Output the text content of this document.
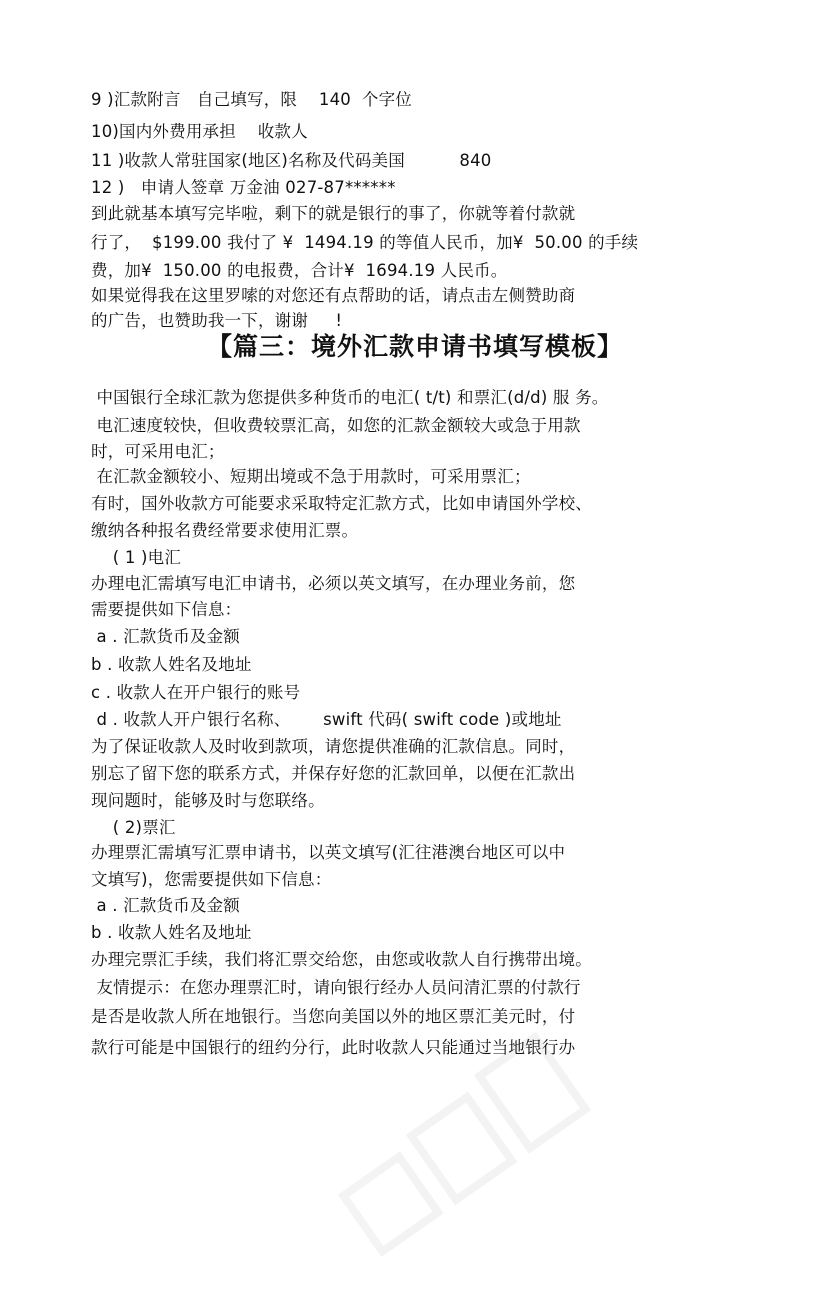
9 )汇款附言   自己填写，限    140  个字位
10)国内外费用承担    收款人
11 )收款人常驻国家(地区)名称及代码美国          840
12 )   申请人签章 万金油 027-87******
到此就基本填写完毕啦，剩下的就是银行的事了，你就等着付款就
行了，  $199.00 我付了 ¥  1494.19 的等值人民币，加¥  50.00 的手续
费，加¥  150.00 的电报费，合计¥  1694.19 人民币。
如果觉得我在这里罗嗦的对您还有点帮助的话，请点击左侧赞助商
的广告，也赞助我一下，谢谢     !
【篇三：境外汇款申请书填写模板】
中国银行全球汇款为您提供多种货币的电汇( t/t) 和票汇(d/d) 服 务。
电汇速度较快，但收费较票汇高，如您的汇款金额较大或急于用款
时，可采用电汇；
在汇款金额较小、短期出境或不急于用款时，可采用票汇；
有时，国外收款方可能要求采取特定汇款方式，比如申请国外学校、
缴纳各种报名费经常要求使用汇票。
( 1 )电汇
办理电汇需填写电汇申请书，必须以英文填写，在办理业务前，您
需要提供如下信息：
a . 汇款货币及金额
b . 收款人姓名及地址
c . 收款人在开户银行的账号
d . 收款人开户银行名称、      swift 代码( swift code )或地址
为了保证收款人及时收到款项，请您提供准确的汇款信息。同时，
别忘了留下您的联系方式，并保存好您的汇款回单，以便在汇款出
现问题时，能够及时与您联络。
( 2)票汇
办理票汇需填写汇票申请书，以英文填写(汇往港澳台地区可以中
文填写)，您需要提供如下信息：
a . 汇款货币及金额
b . 收款人姓名及地址
办理完票汇手续，我们将汇票交给您，由您或收款人自行携带出境。
友情提示：在您办理票汇时，请向银行经办人员问清汇票的付款行
是否是收款人所在地银行。当您向美国以外的地区票汇美元时，付
款行可能是中国银行的纽约分行，此时收款人只能通过当地银行办
